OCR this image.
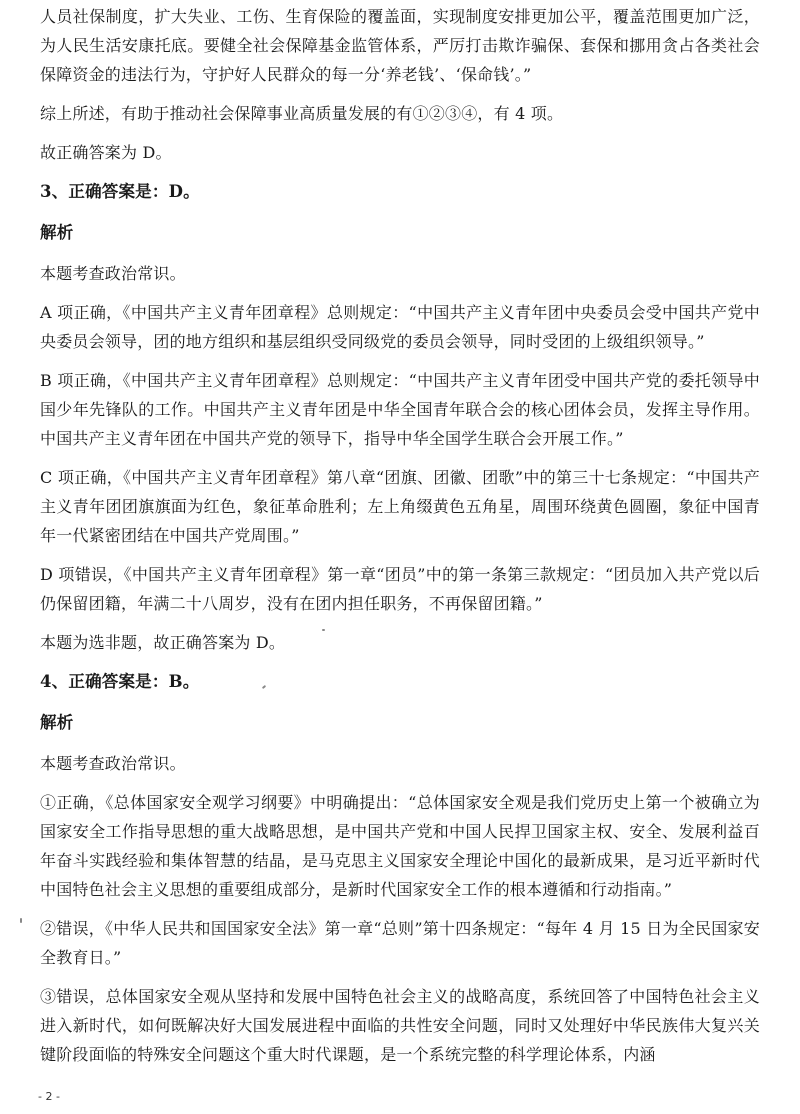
人员社保制度，扩大失业、工伤、生育保险的覆盖面，实现制度安排更加公平，覆盖范围更加广泛，为人民生活安康托底。要健全社会保障基金监管体系，严厉打击欺诈骗保、套保和挪用贪占各类社会保障资金的违法行为，守护好人民群众的每一分‘养老钱’、‘保命钱’。”

综上所述，有助于推动社会保障事业高质量发展的有①②③④，有 4 项。

故正确答案为 D。

3、正确答案是：D。

解析

本题考查政治常识。

A 项正确，《中国共产主义青年团章程》总则规定：“中国共产主义青年团中央委员会受中国共产党中央委员会领导，团的地方组织和基层组织受同级党的委员会领导，同时受团的上级组织领导。”

B 项正确，《中国共产主义青年团章程》总则规定：“中国共产主义青年团受中国共产党的委托领导中国少年先锋队的工作。中国共产主义青年团是中华全国青年联合会的核心团体会员，发挥主导作用。中国共产主义青年团在中国共产党的领导下，指导中华全国学生联合会开展工作。”

C 项正确，《中国共产主义青年团章程》第八章“团旗、团徽、团歌”中的第三十七条规定：“中国共产主义青年团团旗旗面为红色，象征革命胜利；左上角缀黄色五角星，周围环绕黄色圆圈，象征中国青年一代紧密团结在中国共产党周围。”

D 项错误，《中国共产主义青年团章程》第一章“团员”中的第一条第三款规定：“团员加入共产党以后仍保留团籍，年满二十八周岁，没有在团内担任职务，不再保留团籍。”

本题为选非题，故正确答案为 D。

4、正确答案是：B。

解析

本题考查政治常识。

①正确，《总体国家安全观学习纲要》中明确提出：“总体国家安全观是我们党历史上第一个被确立为国家安全工作指导思想的重大战略思想，是中国共产党和中国人民捍卫国家主权、安全、发展利益百年奋斗实践经验和集体智慧的结晶，是马克思主义国家安全理论中国化的最新成果，是习近平新时代中国特色社会主义思想的重要组成部分，是新时代国家安全工作的根本遵循和行动指南。”

②错误，《中华人民共和国国家安全法》第一章“总则”第十四条规定：“每年 4 月 15 日为全民国家安全教育日。”

③错误，总体国家安全观从坚持和发展中国特色社会主义的战略高度，系统回答了中国特色社会主义进入新时代，如何既解决好大国发展进程中面临的共性安全问题，同时又处理好中华民族伟大复兴关键阶段面临的特殊安全问题这个重大时代课题，是一个系统完整的科学理论体系，内涵

- 2 -
